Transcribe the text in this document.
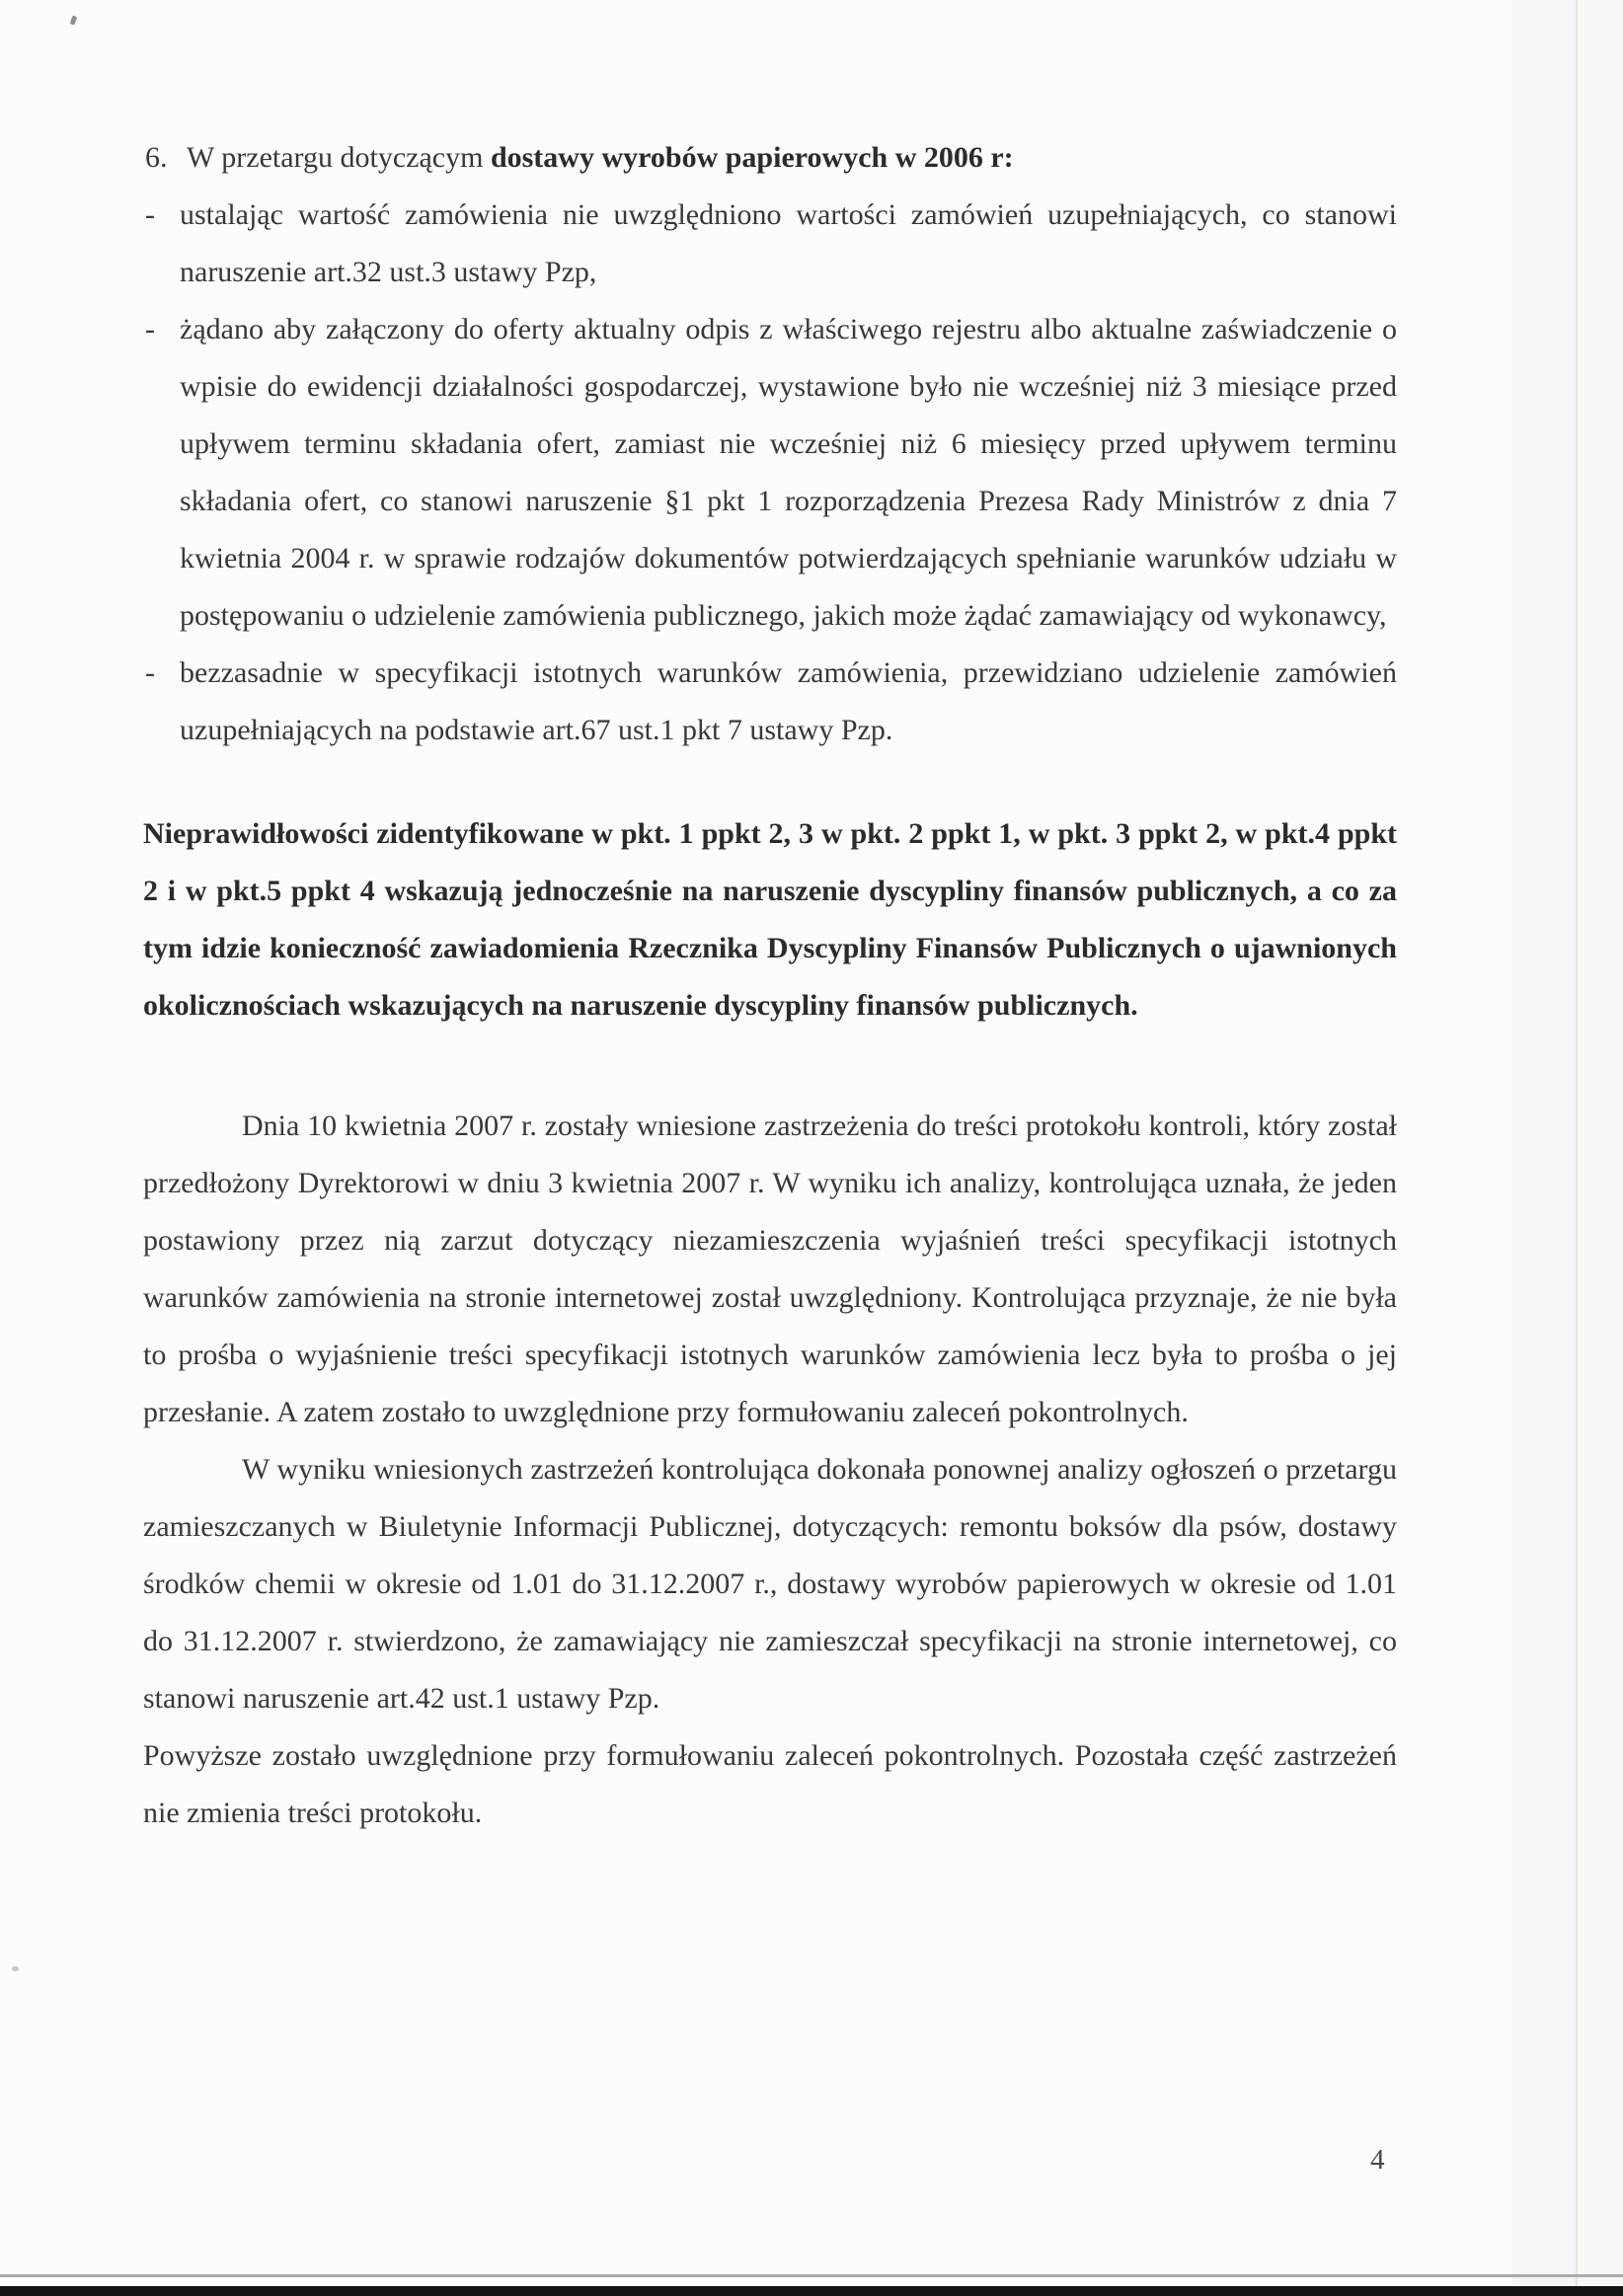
6. W przetargu dotyczącym dostawy wyrobów papierowych w 2006 r:
- ustalając wartość zamówienia nie uwzględniono wartości zamówień uzupełniających, co stanowi naruszenie art.32 ust.3 ustawy Pzp,
- żądano aby załączony do oferty aktualny odpis z właściwego rejestru albo aktualne zaświadczenie o wpisie do ewidencji działalności gospodarczej, wystawione było nie wcześniej niż 3 miesiące przed upływem terminu składania ofert, zamiast nie wcześniej niż 6 miesięcy przed upływem terminu składania ofert, co stanowi naruszenie §1 pkt 1 rozporządzenia Prezesa Rady Ministrów z dnia 7 kwietnia 2004 r. w sprawie rodzajów dokumentów potwierdzających spełnianie warunków udziału w postępowaniu o udzielenie zamówienia publicznego, jakich może żądać zamawiający od wykonawcy,
- bezzasadnie w specyfikacji istotnych warunków zamówienia, przewidziano udzielenie zamówień uzupełniających na podstawie art.67 ust.1 pkt 7 ustawy Pzp.
Nieprawidłowości zidentyfikowane w pkt. 1 ppkt 2, 3 w pkt. 2 ppkt 1, w pkt. 3 ppkt 2, w pkt.4 ppkt 2 i w pkt.5 ppkt 4 wskazują jednocześnie na naruszenie dyscypliny finansów publicznych, a co za tym idzie konieczność zawiadomienia Rzecznika Dyscypliny Finansów Publicznych o ujawnionych okolicznościach wskazujących na naruszenie dyscypliny finansów publicznych.
Dnia 10 kwietnia 2007 r. zostały wniesione zastrzeżenia do treści protokołu kontroli, który został przedłożony Dyrektorowi w dniu 3 kwietnia 2007 r. W wyniku ich analizy, kontrolująca uznała, że jeden postawiony przez nią zarzut dotyczący niezamieszczenia wyjaśnień treści specyfikacji istotnych warunków zamówienia na stronie internetowej został uwzględniony. Kontrolująca przyznaje, że nie była to prośba o wyjaśnienie treści specyfikacji istotnych warunków zamówienia lecz była to prośba o jej przesłanie. A zatem zostało to uwzględnione przy formułowaniu zaleceń pokontrolnych.
W wyniku wniesionych zastrzeżeń kontrolująca dokonała ponownej analizy ogłoszeń o przetargu zamieszczanych w Biuletynie Informacji Publicznej, dotyczących: remontu boksów dla psów, dostawy środków chemii w okresie od 1.01 do 31.12.2007 r., dostawy wyrobów papierowych w okresie od 1.01 do 31.12.2007 r. stwierdzono, że zamawiający nie zamieszczał specyfikacji na stronie internetowej, co stanowi naruszenie art.42 ust.1 ustawy Pzp.
Powyższe zostało uwzględnione przy formułowaniu zaleceń pokontrolnych. Pozostała część zastrzeżeń nie zmienia treści protokołu.
4
